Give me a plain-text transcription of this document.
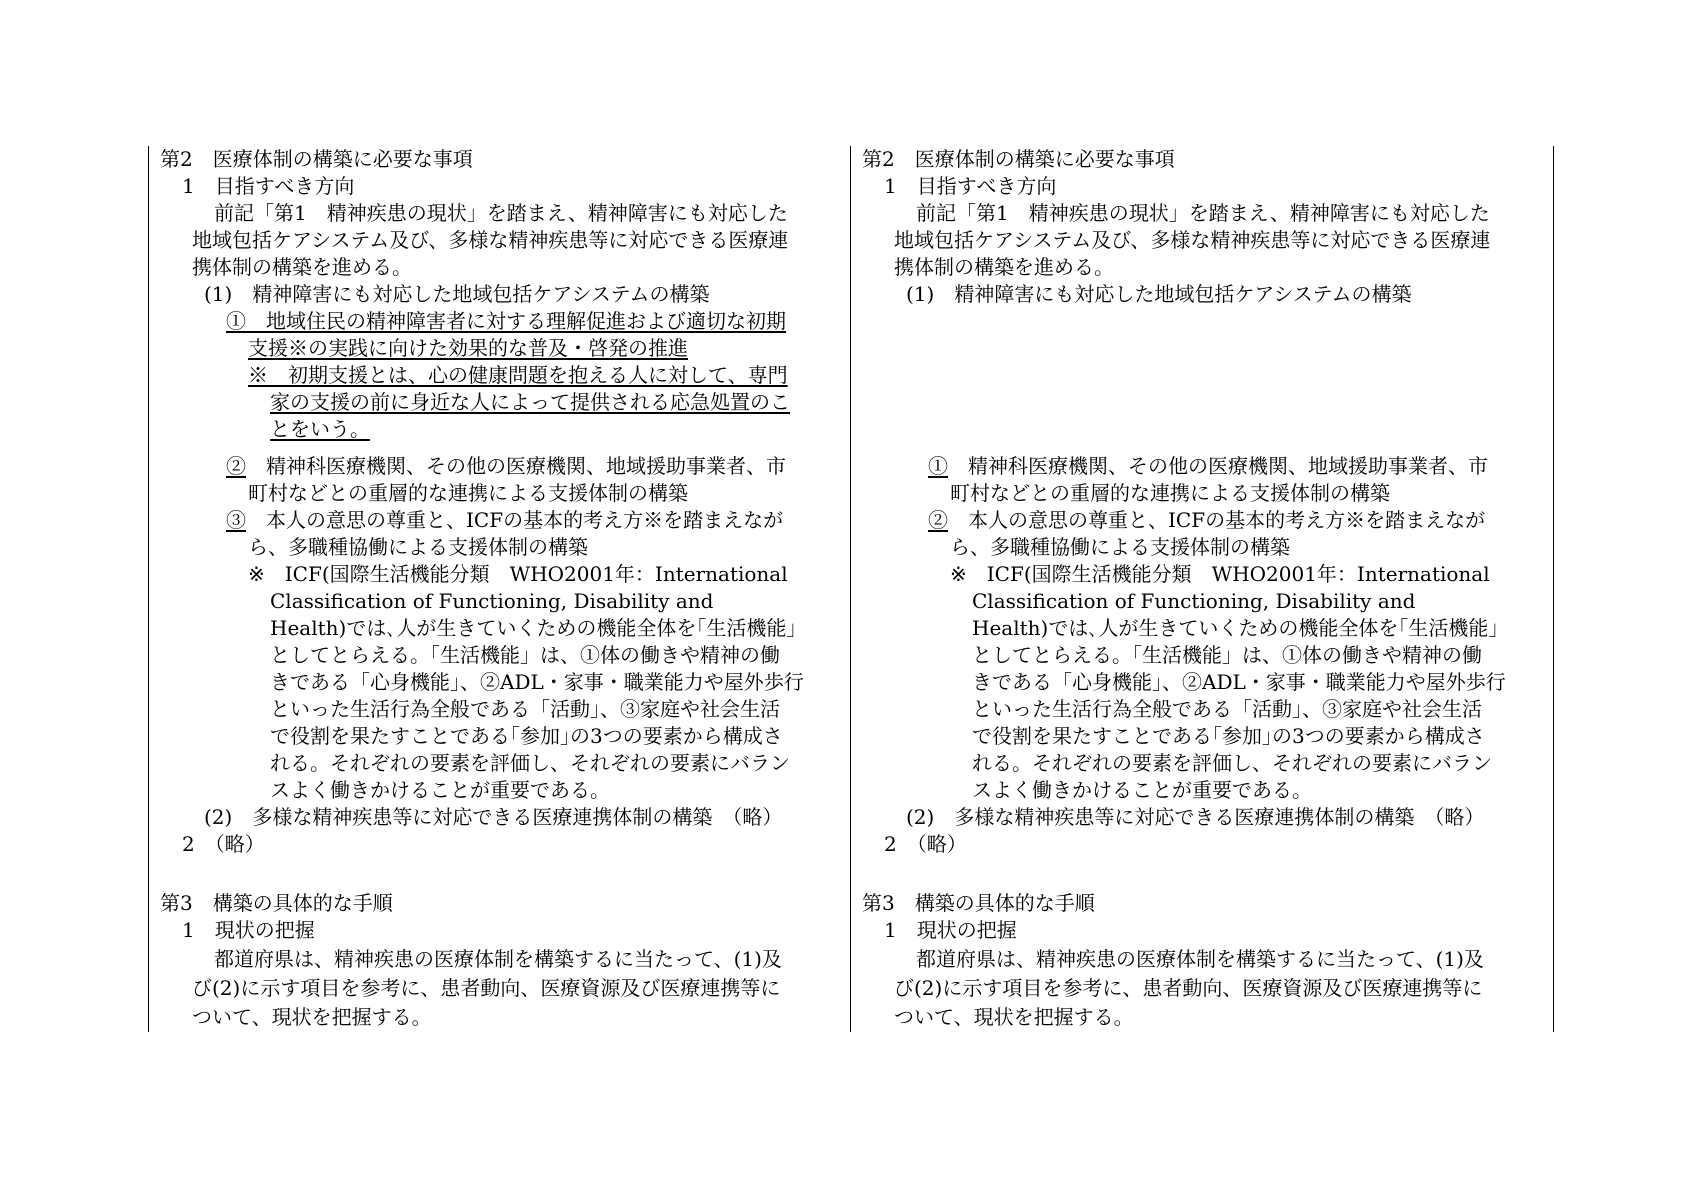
第2　医療体制の構築に必要な事項
1　目指すべき方向
前記「第1　精神疾患の現状」を踏まえ、精神障害にも対応した
地域包括ケアシステム及び、多様な精神疾患等に対応できる医療連
携体制の構築を進める。
(1)　精神障害にも対応した地域包括ケアシステムの構築
①　地域住民の精神障害者に対する理解促進および適切な初期
支援※の実践に向けた効果的な普及・啓発の推進
※　初期支援とは、心の健康問題を抱える人に対して、専門
家の支援の前に身近な人によって提供される応急処置のこ
とをいう。
②　精神科医療機関、その他の医療機関、地域援助事業者、市
町村などとの重層的な連携による支援体制の構築
③　本人の意思の尊重と、ICFの基本的考え方※を踏まえなが
ら、多職種協働による支援体制の構築
※　ICF(国際生活機能分類　WHO2001年：International
Classification of Functioning, Disability and
Health)では､人が生きていくための機能全体を｢生活機能｣
としてとらえる。「生活機能」は、①体の働きや精神の働
きである「心身機能」、②ADL・家事・職業能力や屋外歩行
といった生活行為全般である「活動」、③家庭や社会生活
で役割を果たすことである｢参加｣の3つの要素から構成さ
れる。それぞれの要素を評価し、それぞれの要素にバラン
スよく働きかけることが重要である。
(2)　多様な精神疾患等に対応できる医療連携体制の構築　（略）
2　（略）
第3　構築の具体的な手順
1　現状の把握
都道府県は、精神疾患の医療体制を構築するに当たって、(1)及
び(2)に示す項目を参考に、患者動向、医療資源及び医療連携等に
ついて、現状を把握する。
第2　医療体制の構築に必要な事項
1　目指すべき方向
前記「第1　精神疾患の現状」を踏まえ、精神障害にも対応した
地域包括ケアシステム及び、多様な精神疾患等に対応できる医療連
携体制の構築を進める。
(1)　精神障害にも対応した地域包括ケアシステムの構築
①　精神科医療機関、その他の医療機関、地域援助事業者、市
町村などとの重層的な連携による支援体制の構築
②　本人の意思の尊重と、ICFの基本的考え方※を踏まえなが
ら、多職種協働による支援体制の構築
※　ICF(国際生活機能分類　WHO2001年：International
Classification of Functioning, Disability and
Health)では､人が生きていくための機能全体を｢生活機能｣
としてとらえる。「生活機能」は、①体の働きや精神の働
きである「心身機能」、②ADL・家事・職業能力や屋外歩行
といった生活行為全般である「活動」、③家庭や社会生活
で役割を果たすことである｢参加｣の3つの要素から構成さ
れる。それぞれの要素を評価し、それぞれの要素にバラン
スよく働きかけることが重要である。
(2)　多様な精神疾患等に対応できる医療連携体制の構築　（略）
2　（略）
第3　構築の具体的な手順
1　現状の把握
都道府県は、精神疾患の医療体制を構築するに当たって、(1)及
び(2)に示す項目を参考に、患者動向、医療資源及び医療連携等に
ついて、現状を把握する。
